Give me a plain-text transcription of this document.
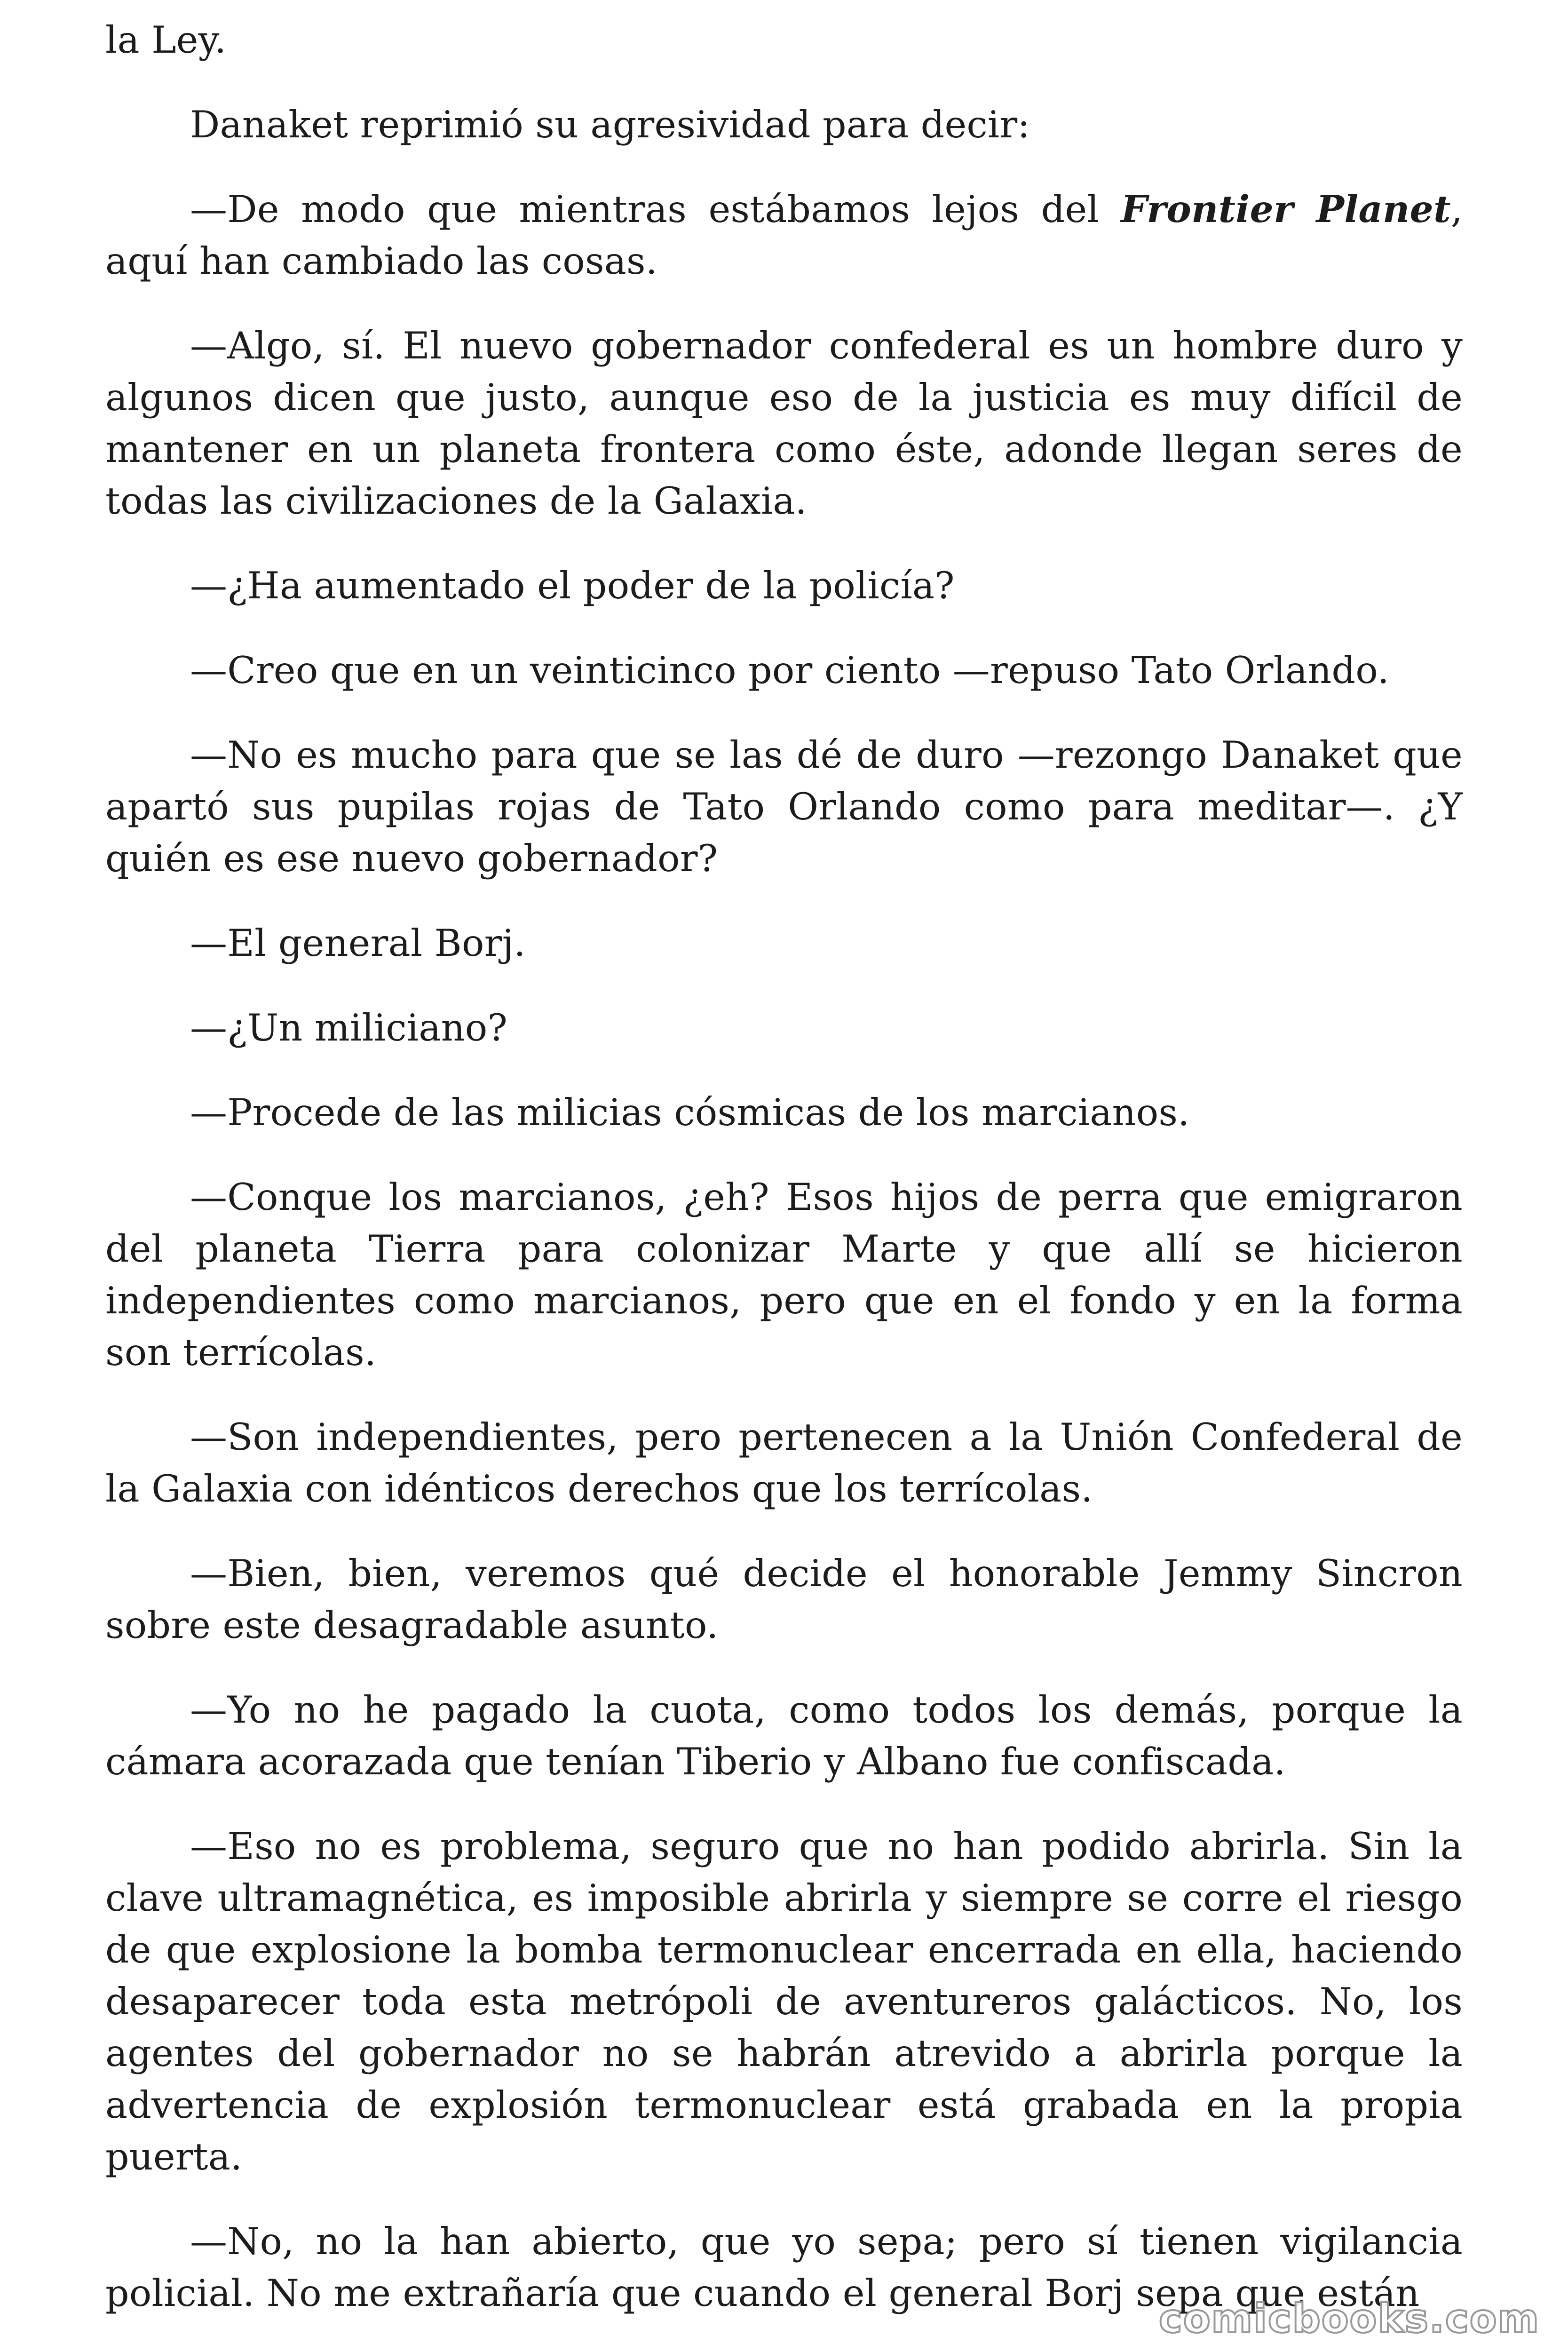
la Ley.

Danaket reprimió su agresividad para decir:

—De modo que mientras estábamos lejos del Frontier Planet, aquí han cambiado las cosas.

—Algo, sí. El nuevo gobernador confederal es un hombre duro y algunos dicen que justo, aunque eso de la justicia es muy difícil de mantener en un planeta frontera como éste, adonde llegan seres de todas las civilizaciones de la Galaxia.

—¿Ha aumentado el poder de la policía?

—Creo que en un veinticinco por ciento —repuso Tato Orlando.

—No es mucho para que se las dé de duro —rezongo Danaket que apartó sus pupilas rojas de Tato Orlando como para meditar—. ¿Y quién es ese nuevo gobernador?

—El general Borj.

—¿Un miliciano?

—Procede de las milicias cósmicas de los marcianos.

—Conque los marcianos, ¿eh? Esos hijos de perra que emigraron del planeta Tierra para colonizar Marte y que allí se hicieron independientes como marcianos, pero que en el fondo y en la forma son terrícolas.

—Son independientes, pero pertenecen a la Unión Confederal de la Galaxia con idénticos derechos que los terrícolas.

—Bien, bien, veremos qué decide el honorable Jemmy Sincron sobre este desagradable asunto.

—Yo no he pagado la cuota, como todos los demás, porque la cámara acorazada que tenían Tiberio y Albano fue confiscada.

—Eso no es problema, seguro que no han podido abrirla. Sin la clave ultramagnética, es imposible abrirla y siempre se corre el riesgo de que explosione la bomba termonuclear encerrada en ella, haciendo desaparecer toda esta metrópoli de aventureros galácticos. No, los agentes del gobernador no se habrán atrevido a abrirla porque la advertencia de explosión termonuclear está grabada en la propia puerta.

—No, no la han abierto, que yo sepa; pero sí tienen vigilancia policial. No me extrañaría que cuando el general Borj sepa que están

comicbooks.com
